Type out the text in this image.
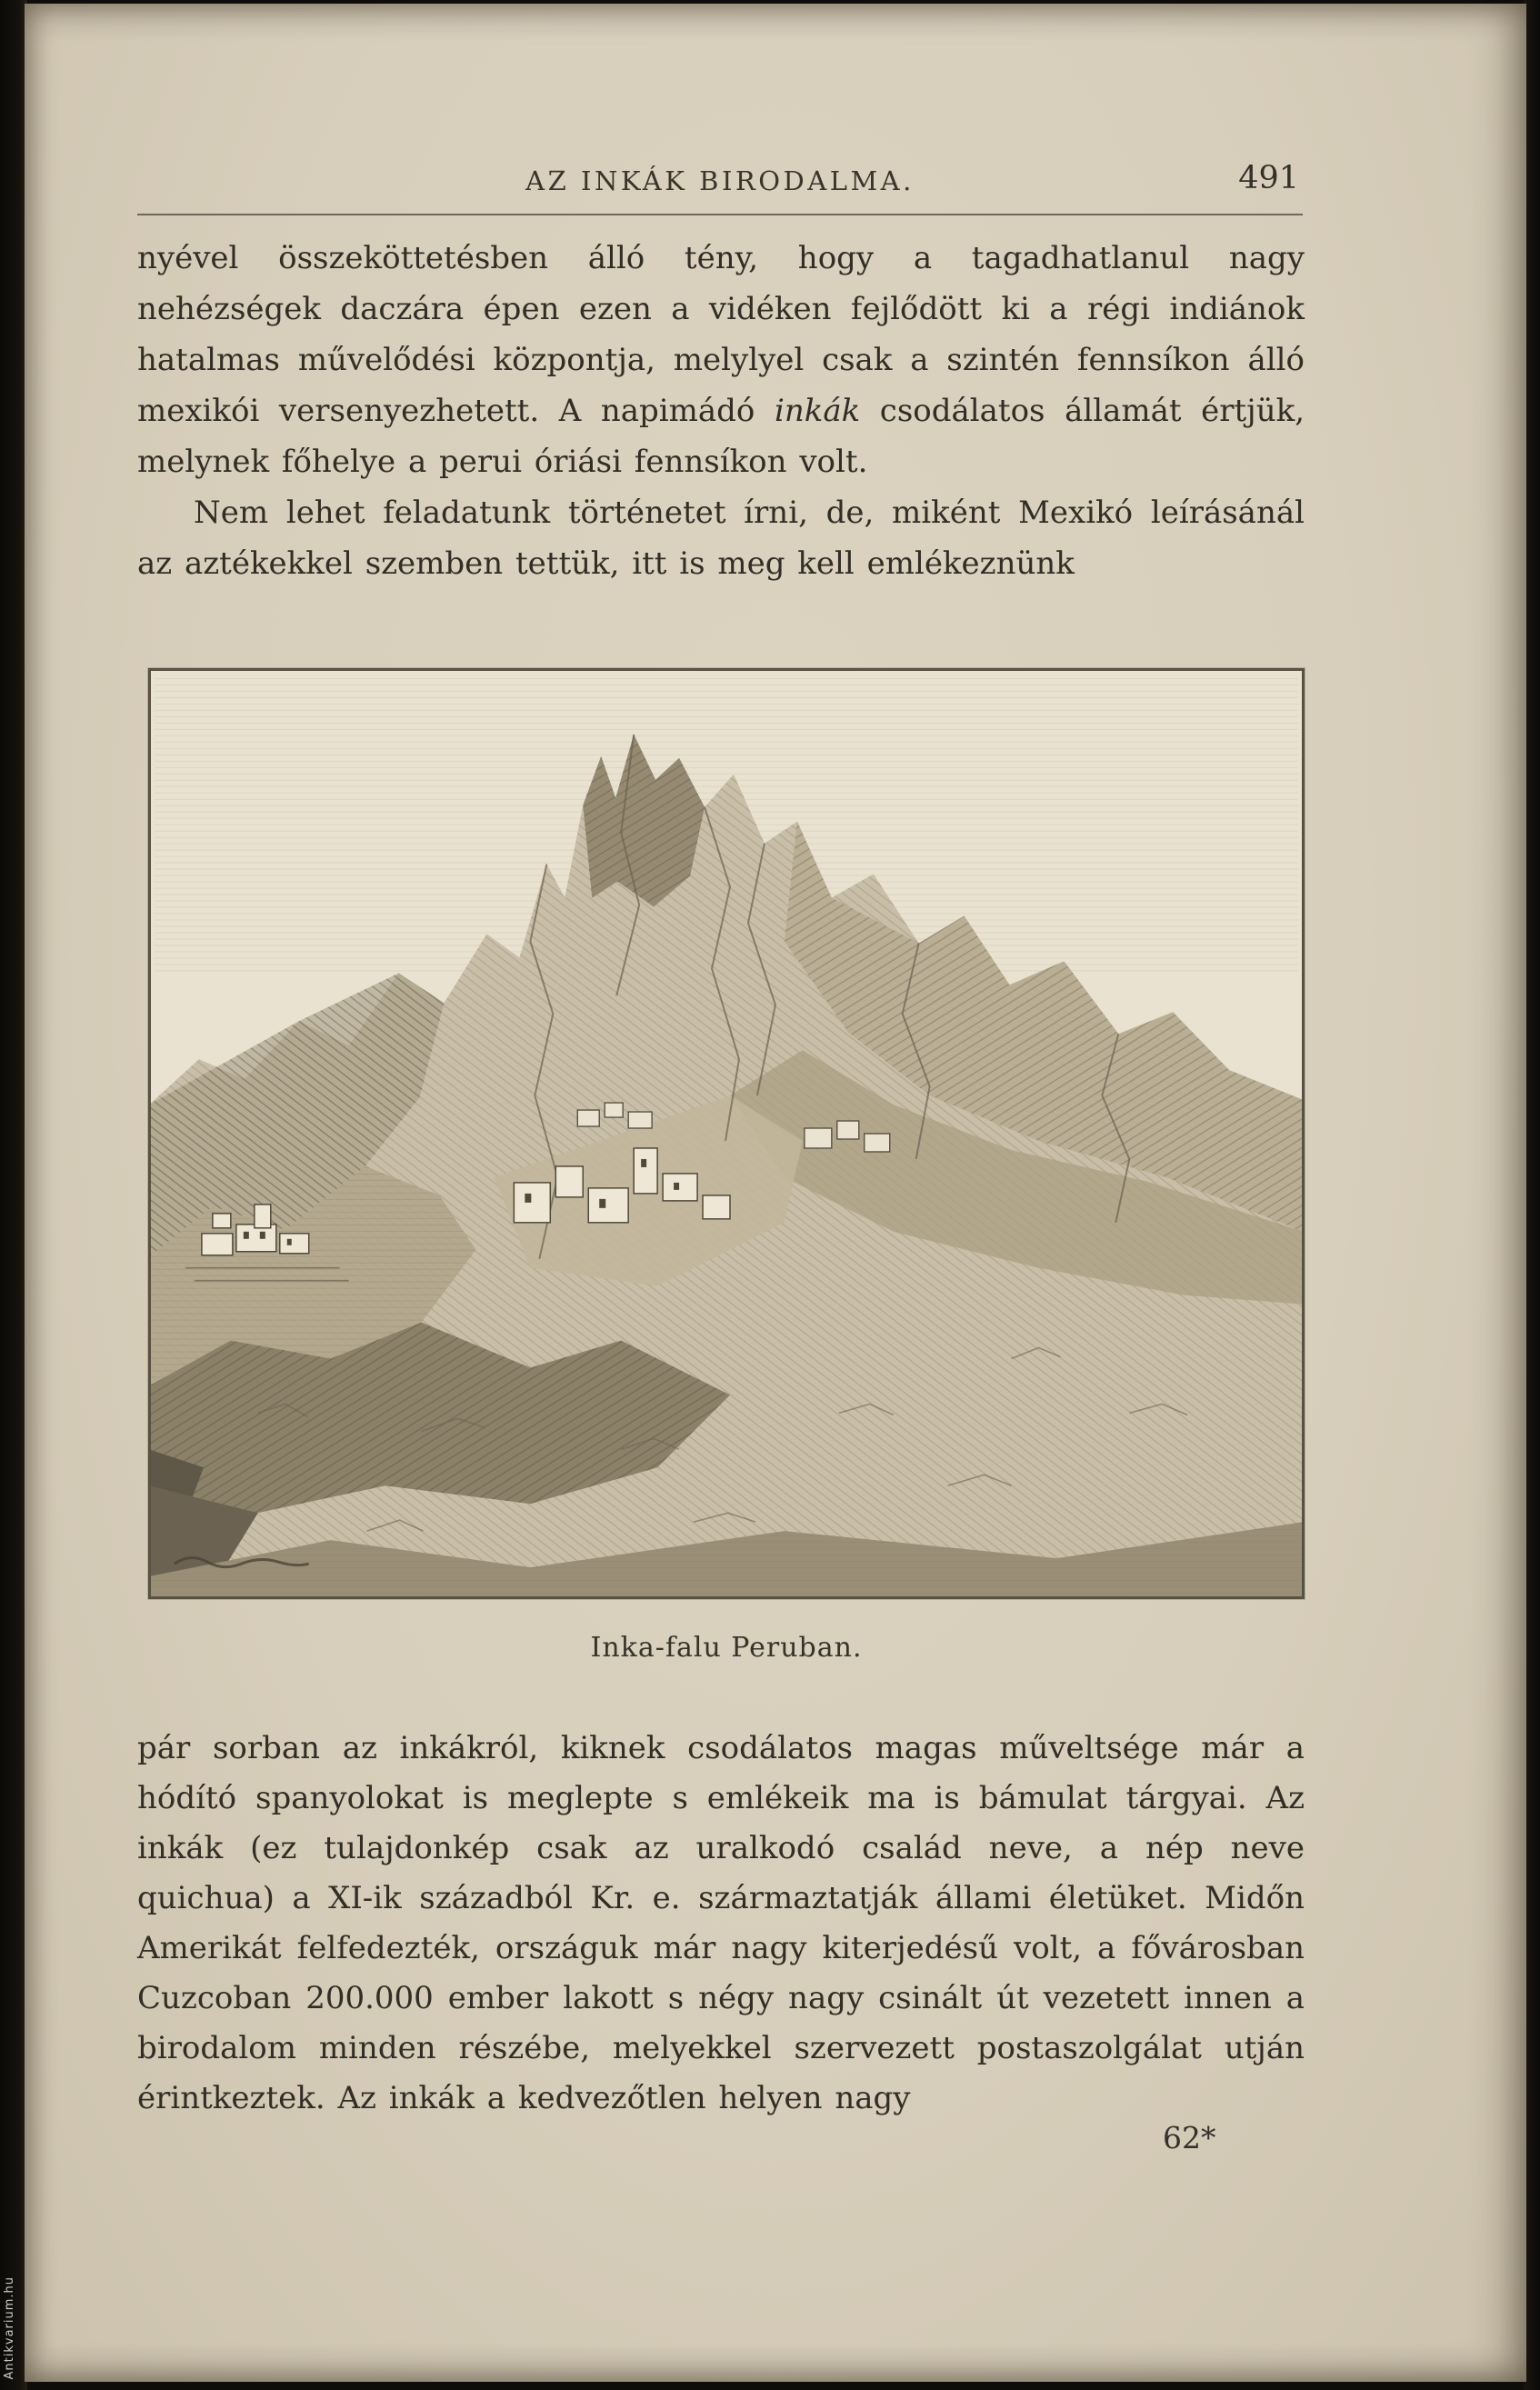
Antikvarium.hu
AZ INKÁK BIRODALMA.	491

nyével összeköttetésben álló tény, hogy a tagadhatlanul nagy nehézségek daczára épen ezen a vidéken fejlődött ki a régi indiánok hatalmas művelődési központja, melylyel csak a szintén fennsíkon álló mexikói versenyezhetett. A napimádó inkák csodálatos államát értjük, melynek főhelye a perui óriási fennsíkon volt.

Nem lehet feladatunk történetet írni, de, miként Mexikó leírásánál az aztékekkel szemben tettük, itt is meg kell emlékeznünk

Inka-falu Peruban.

pár sorban az inkákról, kiknek csodálatos magas műveltsége már a hódító spanyolokat is meglepte s emlékeik ma is bámulat tárgyai. Az inkák (ez tulajdonkép csak az uralkodó család neve, a nép neve quichua) a XI-ik századból Kr. e. származtatják állami életüket. Midőn Amerikát felfedezték, országuk már nagy kiterjedésű volt, a fővárosban Cuzcoban 200.000 ember lakott s négy nagy csinált út vezetett innen a birodalom minden részébe, melyekkel szervezett postaszolgálat utján érintkeztek. Az inkák a kedvezőtlen helyen nagy

62*
